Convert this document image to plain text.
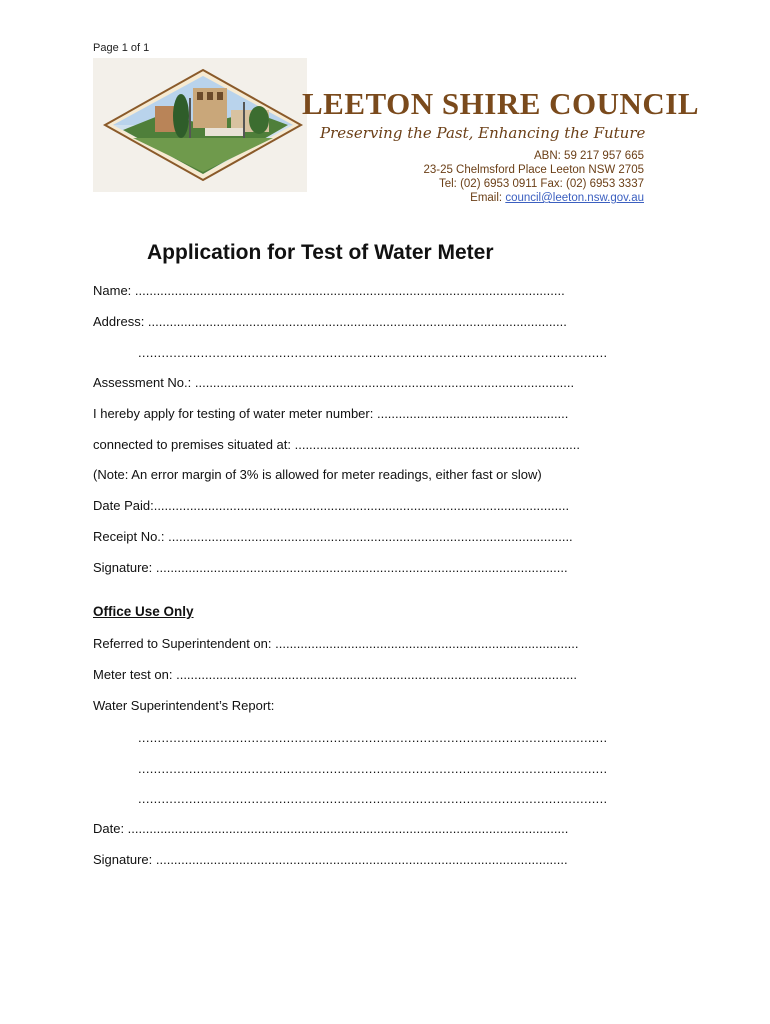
Page 1 of 1
LEETON SHIRE COUNCIL
Preserving the Past, Enhancing the Future
ABN: 59 217 957 665
23-25 Chelmsford Place Leeton NSW 2705
Tel: (02) 6953 0911 Fax: (02) 6953 3337
Email: council@leeton.nsw.gov.au
Application for Test of Water Meter
Name: .......................................................................................................................
Address: ....................................................................................................................
........................................................................................................................
Assessment No.: .........................................................................................................
I hereby apply for testing of water meter number: .....................................................
connected to premises situated at: ...............................................................................
(Note: An error margin of 3% is allowed for meter readings, either fast or slow)
Date Paid:...................................................................................................................
Receipt No.: ................................................................................................................
Signature: ..................................................................................................................
Office Use Only
Referred to Superintendent on: ....................................................................................
Meter test on: ...............................................................................................................
Water Superintendent’s Report:
........................................................................................................................
........................................................................................................................
........................................................................................................................
Date: ..........................................................................................................................
Signature: ..................................................................................................................
